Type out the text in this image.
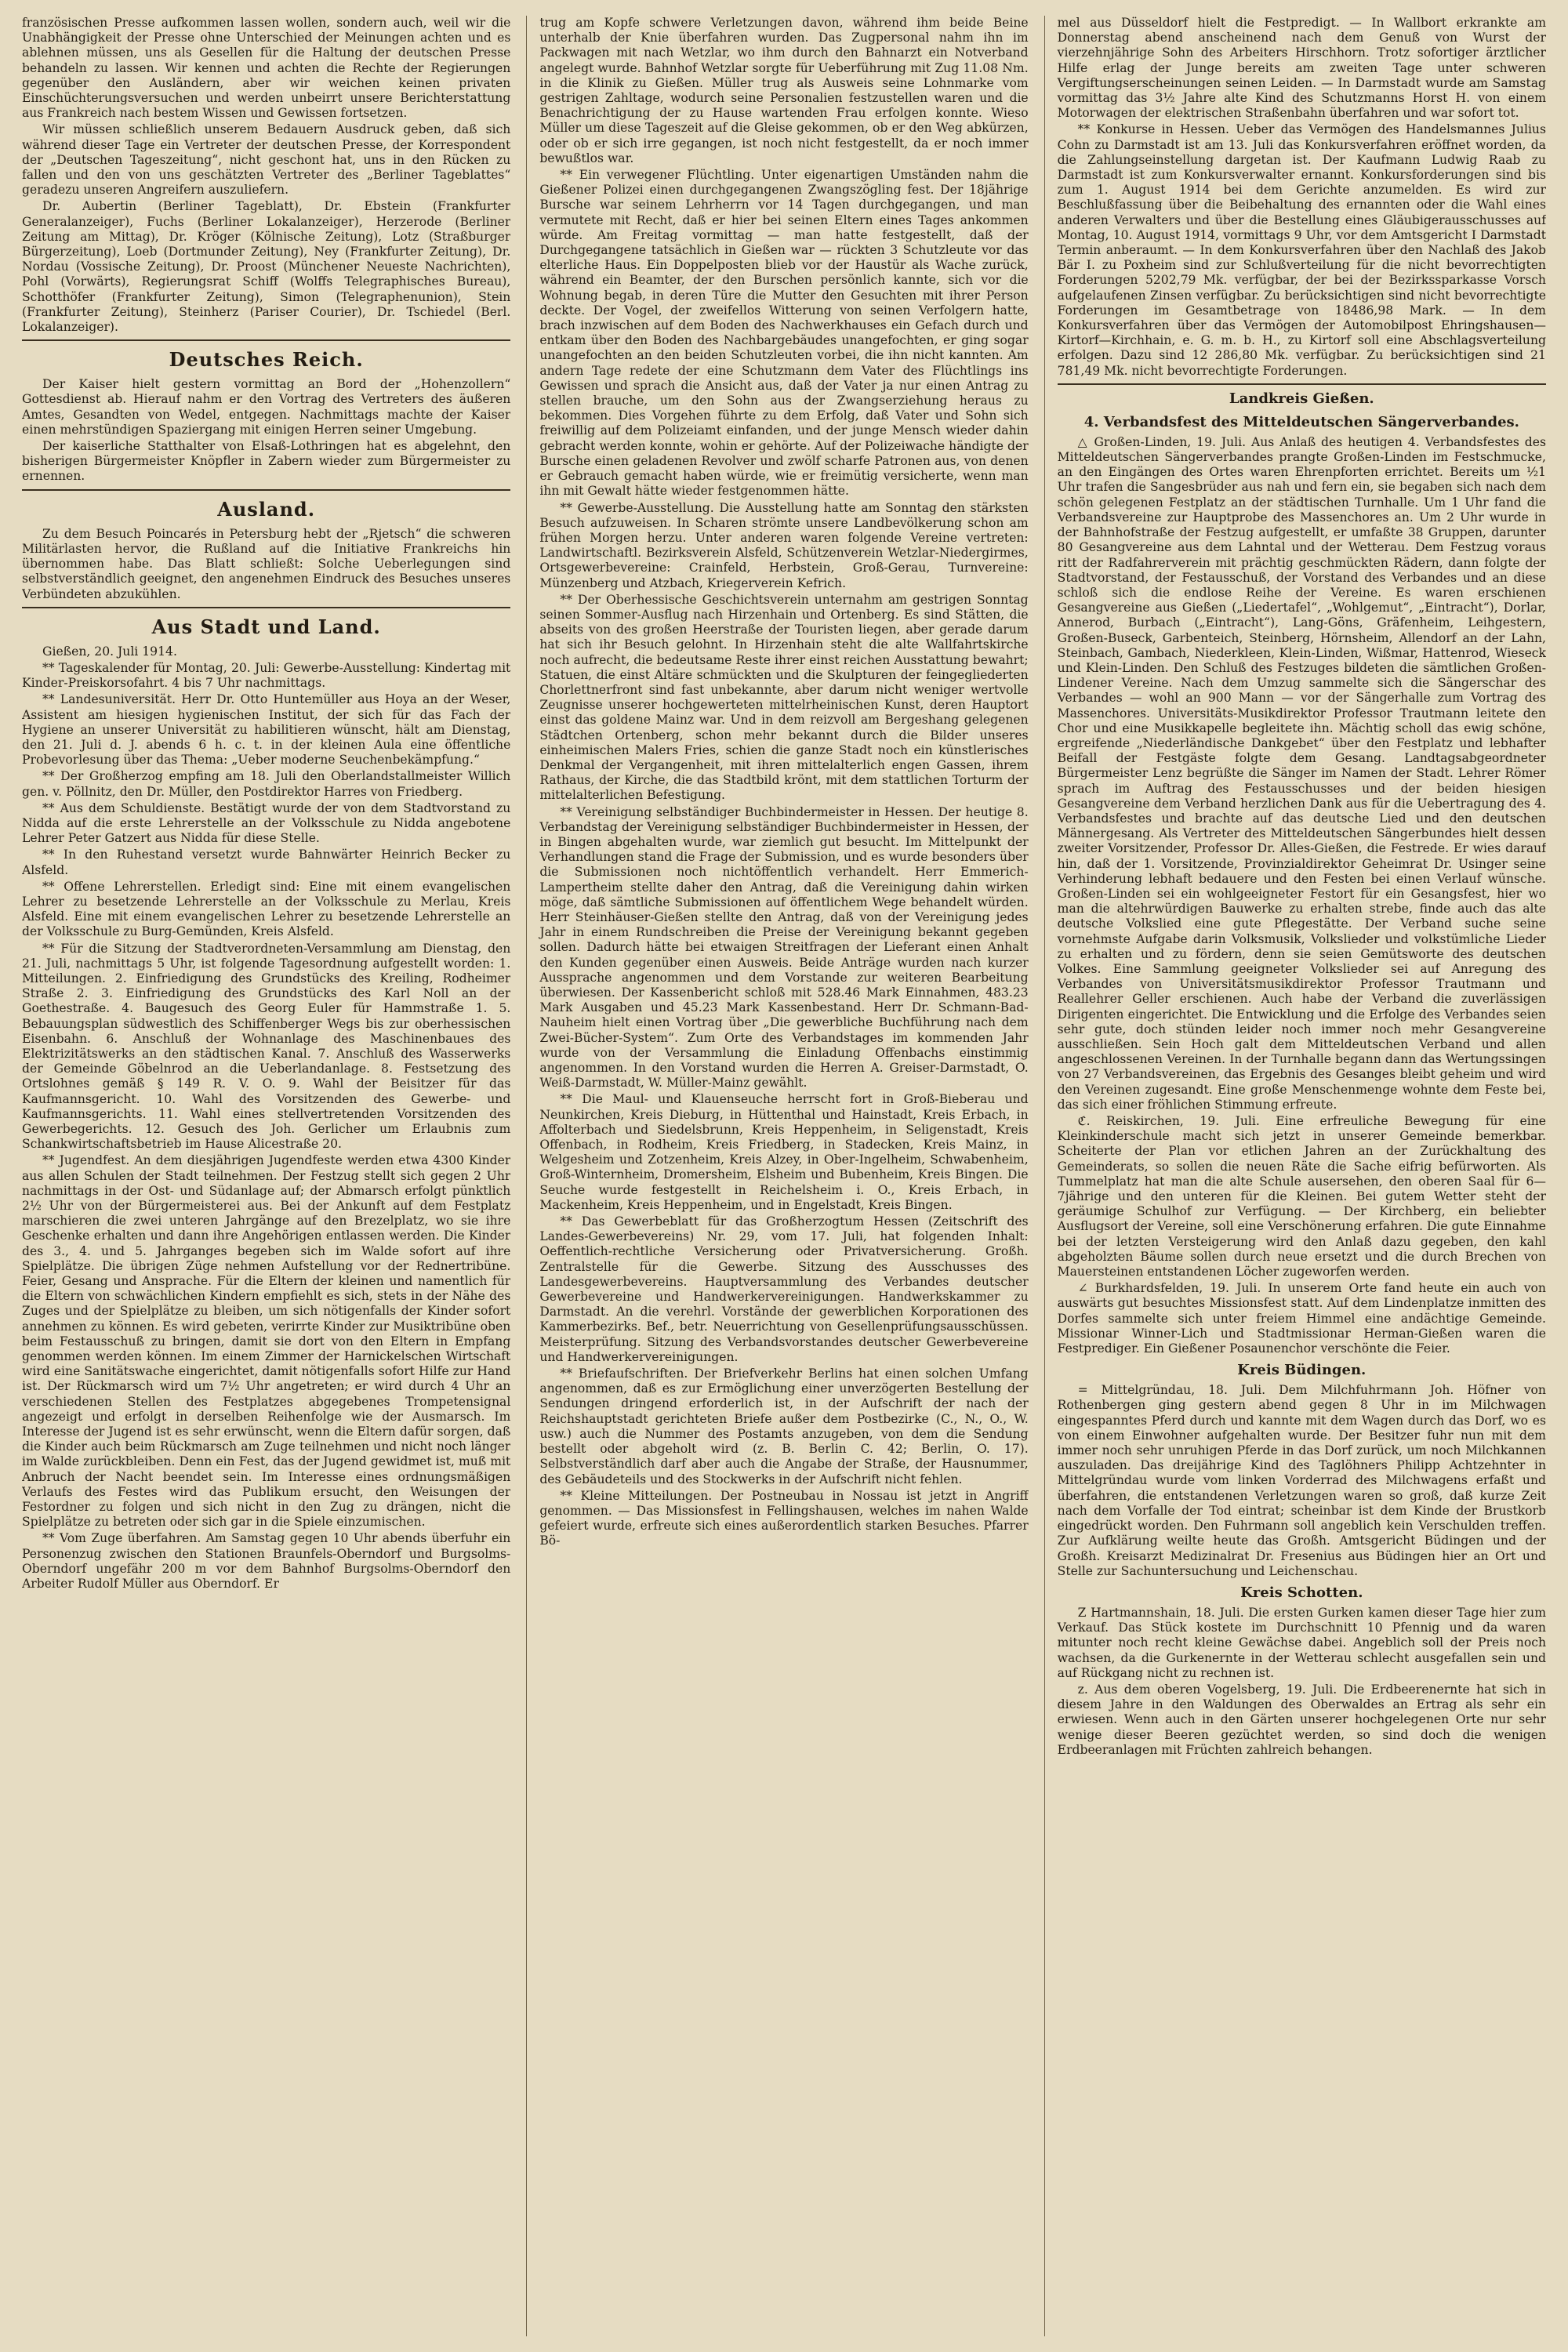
französischen Presse aufkommen lassen wollen, sondern auch, weil wir die Unabhängigkeit der Presse ohne Unterschied der Meinungen achten und es ablehnen müssen, uns als Gesellen für die Haltung der deutschen Presse behandeln zu lassen. Wir kennen und achten die Rechte der Regierungen gegenüber den Ausländern, aber wir weichen keinen privaten Einschüchterungsversuchen und werden unbeirrt unsere Berichterstattung aus Frankreich nach bestem Wissen und Gewissen fortsetzen.

Wir müssen schließlich unserem Bedauern Ausdruck geben, daß sich während dieser Tage ein Vertreter der deutschen Presse, der Korrespondent der „Deutschen Tageszeitung“, nicht geschont hat, uns in den Rücken zu fallen und den von uns geschätzten Vertreter des „Berliner Tageblattes“ geradezu unseren Angreifern auszuliefern.

Dr. Aubertin (Berliner Tageblatt), Dr. Ebstein (Frankfurter Generalanzeiger), Fuchs (Berliner Lokalanzeiger), Herzerode (Berliner Zeitung am Mittag), Dr. Kröger (Kölnische Zeitung), Lotz (Straßburger Bürgerzeitung), Loeb (Dortmunder Zeitung), Ney (Frankfurter Zeitung), Dr. Nordau (Vossische Zeitung), Dr. Proost (Münchener Neueste Nachrichten), Pohl (Vorwärts), Regierungsrat Schiff (Wolffs Telegraphisches Bureau), Schotthöfer (Frankfurter Zeitung), Simon (Telegraphenunion), Stein (Frankfurter Zeitung), Steinherz (Pariser Courier), Dr. Tschiedel (Berl. Lokalanzeiger).

Deutsches Reich.

Der Kaiser hielt gestern vormittag an Bord der „Hohenzollern“ Gottesdienst ab. Hierauf nahm er den Vortrag des Vertreters des äußeren Amtes, Gesandten von Wedel, entgegen. Nachmittags machte der Kaiser einen mehrstündigen Spaziergang mit einigen Herren seiner Umgebung.

Der kaiserliche Statthalter von Elsaß-Lothringen hat es abgelehnt, den bisherigen Bürgermeister Knöpfler in Zabern wieder zum Bürgermeister zu ernennen.

Ausland.

Zu dem Besuch Poincarés in Petersburg hebt der „Rjetsch“ die schweren Militärlasten hervor, die Rußland auf die Initiative Frankreichs hin übernommen habe. Das Blatt schließt: Solche Ueberlegungen sind selbstverständlich geeignet, den angenehmen Eindruck des Besuches unseres Verbündeten abzukühlen.

Aus Stadt und Land.

Gießen, 20. Juli 1914.

** Tageskalender für Montag, 20. Juli: Gewerbe-Ausstellung: Kindertag mit Kinder-Preiskorsofahrt. 4 bis 7 Uhr nachmittags.

** Landesuniversität. Herr Dr. Otto Huntemüller aus Hoya an der Weser, Assistent am hiesigen hygienischen Institut, der sich für das Fach der Hygiene an unserer Universität zu habilitieren wünscht, hält am Dienstag, den 21. Juli d. J. abends 6 h. c. t. in der kleinen Aula eine öffentliche Probevorlesung über das Thema: „Ueber moderne Seuchenbekämpfung.“

** Der Großherzog empfing am 18. Juli den Oberlandstallmeister Willich gen. v. Pöllnitz, den Dr. Müller, den Postdirektor Harres von Friedberg.

** Aus dem Schuldienste. Bestätigt wurde der von dem Stadtvorstand zu Nidda auf die erste Lehrerstelle an der Volksschule zu Nidda angebotene Lehrer Peter Gatzert aus Nidda für diese Stelle.

** In den Ruhestand versetzt wurde Bahnwärter Heinrich Becker zu Alsfeld.

** Offene Lehrerstellen. Erledigt sind: Eine mit einem evangelischen Lehrer zu besetzende Lehrerstelle an der Volksschule zu Merlau, Kreis Alsfeld. Eine mit einem evangelischen Lehrer zu besetzende Lehrerstelle an der Volksschule zu Burg-Gemünden, Kreis Alsfeld.

** Für die Sitzung der Stadtverordneten-Versammlung am Dienstag, den 21. Juli, nachmittags 5 Uhr, ist folgende Tagesordnung aufgestellt worden: 1. Mitteilungen. 2. Einfriedigung des Grundstücks des Kreiling, Rodheimer Straße 2. 3. Einfriedigung des Grundstücks des Karl Noll an der Goethestraße. 4. Baugesuch des Georg Euler für Hammstraße 1. 5. Bebauungsplan südwestlich des Schiffenberger Wegs bis zur oberhessischen Eisenbahn. 6. Anschluß der Wohnanlage des Maschinenbaues des Elektrizitätswerks an den städtischen Kanal. 7. Anschluß des Wasserwerks der Gemeinde Göbelnrod an die Ueberlandanlage. 8. Festsetzung des Ortslohnes gemäß § 149 R. V. O. 9. Wahl der Beisitzer für das Kaufmannsgericht. 10. Wahl des Vorsitzenden des Gewerbe- und Kaufmannsgerichts. 11. Wahl eines stellvertretenden Vorsitzenden des Gewerbegerichts. 12. Gesuch des Joh. Gerlicher um Erlaubnis zum Schankwirtschaftsbetrieb im Hause Alicestraße 20.

** Jugendfest. An dem diesjährigen Jugendfeste werden etwa 4300 Kinder aus allen Schulen der Stadt teilnehmen. Der Festzug stellt sich gegen 2 Uhr nachmittags in der Ost- und Südanlage auf; der Abmarsch erfolgt pünktlich 2½ Uhr von der Bürgermeisterei aus. Bei der Ankunft auf dem Festplatz marschieren die zwei unteren Jahrgänge auf den Brezelplatz, wo sie ihre Geschenke erhalten und dann ihre Angehörigen entlassen werden. Die Kinder des 3., 4. und 5. Jahrganges begeben sich im Walde sofort auf ihre Spielplätze. Die übrigen Züge nehmen Aufstellung vor der Rednertribüne. Feier, Gesang und Ansprache. Für die Eltern der kleinen und namentlich für die Eltern von schwächlichen Kindern empfiehlt es sich, stets in der Nähe des Zuges und der Spielplätze zu bleiben, um sich nötigenfalls der Kinder sofort annehmen zu können. Es wird gebeten, verirrte Kinder zur Musiktribüne oben beim Festausschuß zu bringen, damit sie dort von den Eltern in Empfang genommen werden können. Im einem Zimmer der Harnickelschen Wirtschaft wird eine Sanitätswache eingerichtet, damit nötigenfalls sofort Hilfe zur Hand ist. Der Rückmarsch wird um 7½ Uhr angetreten; er wird durch 4 Uhr an verschiedenen Stellen des Festplatzes abgegebenes Trompetensignal angezeigt und erfolgt in derselben Reihenfolge wie der Ausmarsch. Im Interesse der Jugend ist es sehr erwünscht, wenn die Eltern dafür sorgen, daß die Kinder auch beim Rückmarsch am Zuge teilnehmen und nicht noch länger im Walde zurückbleiben. Denn ein Fest, das der Jugend gewidmet ist, muß mit Anbruch der Nacht beendet sein. Im Interesse eines ordnungsmäßigen Verlaufs des Festes wird das Publikum ersucht, den Weisungen der Festordner zu folgen und sich nicht in den Zug zu drängen, nicht die Spielplätze zu betreten oder sich gar in die Spiele einzumischen.

** Vom Zuge überfahren. Am Samstag gegen 10 Uhr abends überfuhr ein Personenzug zwischen den Stationen Braunfels-Oberndorf und Burgsolms-Oberndorf ungefähr 200 m vor dem Bahnhof Burgsolms-Oberndorf den Arbeiter Rudolf Müller aus Oberndorf. Er

trug am Kopfe schwere Verletzungen davon, während ihm beide Beine unterhalb der Knie überfahren wurden. Das Zugpersonal nahm ihn im Packwagen mit nach Wetzlar, wo ihm durch den Bahnarzt ein Notverband angelegt wurde. Bahnhof Wetzlar sorgte für Ueberführung mit Zug 11.08 Nm. in die Klinik zu Gießen. Müller trug als Ausweis seine Lohnmarke vom gestrigen Zahltage, wodurch seine Personalien festzustellen waren und die Benachrichtigung der zu Hause wartenden Frau erfolgen konnte. Wieso Müller um diese Tageszeit auf die Gleise gekommen, ob er den Weg abkürzen, oder ob er sich irre gegangen, ist noch nicht festgestellt, da er noch immer bewußtlos war.

** Ein verwegener Flüchtling. Unter eigenartigen Umständen nahm die Gießener Polizei einen durchgegangenen Zwangszögling fest. Der 18jährige Bursche war seinem Lehrherrn vor 14 Tagen durchgegangen, und man vermutete mit Recht, daß er hier bei seinen Eltern eines Tages ankommen würde. Am Freitag vormittag — man hatte festgestellt, daß der Durchgegangene tatsächlich in Gießen war — rückten 3 Schutzleute vor das elterliche Haus. Ein Doppelposten blieb vor der Haustür als Wache zurück, während ein Beamter, der den Burschen persönlich kannte, sich vor die Wohnung begab, in deren Türe die Mutter den Gesuchten mit ihrer Person deckte. Der Vogel, der zweifellos Witterung von seinen Verfolgern hatte, brach inzwischen auf dem Boden des Nachwerkhauses ein Gefach durch und entkam über den Boden des Nachbargebäudes unangefochten, er ging sogar unangefochten an den beiden Schutzleuten vorbei, die ihn nicht kannten. Am andern Tage redete der eine Schutzmann dem Vater des Flüchtlings ins Gewissen und sprach die Ansicht aus, daß der Vater ja nur einen Antrag zu stellen brauche, um den Sohn aus der Zwangserziehung heraus zu bekommen. Dies Vorgehen führte zu dem Erfolg, daß Vater und Sohn sich freiwillig auf dem Polizeiamt einfanden, und der junge Mensch wieder dahin gebracht werden konnte, wohin er gehörte. Auf der Polizeiwache händigte der Bursche einen geladenen Revolver und zwölf scharfe Patronen aus, von denen er Gebrauch gemacht haben würde, wie er freimütig versicherte, wenn man ihn mit Gewalt hätte wieder festgenommen hätte.

** Gewerbe-Ausstellung. Die Ausstellung hatte am Sonntag den stärksten Besuch aufzuweisen. In Scharen strömte unsere Landbevölkerung schon am frühen Morgen herzu. Unter anderen waren folgende Vereine vertreten: Landwirtschaftl. Bezirksverein Alsfeld, Schützenverein Wetzlar-Niedergirmes, Ortsgewerbevereine: Crainfeld, Herbstein, Groß-Gerau, Turnvereine: Münzenberg und Atzbach, Kriegerverein Kefrich.

** Der Oberhessische Geschichtsverein unternahm am gestrigen Sonntag seinen Sommer-Ausflug nach Hirzenhain und Ortenberg. Es sind Stätten, die abseits von des großen Heerstraße der Touristen liegen, aber gerade darum hat sich ihr Besuch gelohnt. In Hirzenhain steht die alte Wallfahrtskirche noch aufrecht, die bedeutsame Reste ihrer einst reichen Ausstattung bewahrt; Statuen, die einst Altäre schmückten und die Skulpturen der feingegliederten Chorlettnerfront sind fast unbekannte, aber darum nicht weniger wertvolle Zeugnisse unserer hochgewerteten mittelrheinischen Kunst, deren Hauptort einst das goldene Mainz war. Und in dem reizvoll am Bergeshang gelegenen Städtchen Ortenberg, schon mehr bekannt durch die Bilder unseres einheimischen Malers Fries, schien die ganze Stadt noch ein künstlerisches Denkmal der Vergangenheit, mit ihren mittelalterlich engen Gassen, ihrem Rathaus, der Kirche, die das Stadtbild krönt, mit dem stattlichen Torturm der mittelalterlichen Befestigung.

** Vereinigung selbständiger Buchbindermeister in Hessen. Der heutige 8. Verbandstag der Vereinigung selbständiger Buchbindermeister in Hessen, der in Bingen abgehalten wurde, war ziemlich gut besucht. Im Mittelpunkt der Verhandlungen stand die Frage der Submission, und es wurde besonders über die Submissionen noch nichtöffentlich verhandelt. Herr Emmerich-Lampertheim stellte daher den Antrag, daß die Vereinigung dahin wirken möge, daß sämtliche Submissionen auf öffentlichem Wege behandelt würden. Herr Steinhäuser-Gießen stellte den Antrag, daß von der Vereinigung jedes Jahr in einem Rundschreiben die Preise der Vereinigung bekannt gegeben sollen. Dadurch hätte bei etwaigen Streitfragen der Lieferant einen Anhalt den Kunden gegenüber einen Ausweis. Beide Anträge wurden nach kurzer Aussprache angenommen und dem Vorstande zur weiteren Bearbeitung überwiesen. Der Kassenbericht schloß mit 528.46 Mark Einnahmen, 483.23 Mark Ausgaben und 45.23 Mark Kassenbestand. Herr Dr. Schmann-Bad-Nauheim hielt einen Vortrag über „Die gewerbliche Buchführung nach dem Zwei-Bücher-System“. Zum Orte des Verbandstages im kommenden Jahr wurde von der Versammlung die Einladung Offenbachs einstimmig angenommen. In den Vorstand wurden die Herren A. Greiser-Darmstadt, O. Weiß-Darmstadt, W. Müller-Mainz gewählt.

** Die Maul- und Klauenseuche herrscht fort in Groß-Bieberau und Neunkirchen, Kreis Dieburg, in Hüttenthal und Hainstadt, Kreis Erbach, in Affolterbach und Siedelsbrunn, Kreis Heppenheim, in Seligenstadt, Kreis Offenbach, in Rodheim, Kreis Friedberg, in Stadecken, Kreis Mainz, in Welgesheim und Zotzenheim, Kreis Alzey, in Ober-Ingelheim, Schwabenheim, Groß-Winternheim, Dromersheim, Elsheim und Bubenheim, Kreis Bingen. Die Seuche wurde festgestellt in Reichelsheim i. O., Kreis Erbach, in Mackenheim, Kreis Heppenheim, und in Engelstadt, Kreis Bingen.

** Das Gewerbeblatt für das Großherzogtum Hessen (Zeitschrift des Landes-Gewerbevereins) Nr. 29, vom 17. Juli, hat folgenden Inhalt: Oeffentlich-rechtliche Versicherung oder Privatversicherung. Großh. Zentralstelle für die Gewerbe. Sitzung des Ausschusses des Landesgewerbevereins. Hauptversammlung des Verbandes deutscher Gewerbevereine und Handwerkervereinigungen. Handwerkskammer zu Darmstadt. An die verehrl. Vorstände der gewerblichen Korporationen des Kammerbezirks. Bef., betr. Neuerrichtung von Gesellenprüfungsausschüssen. Meisterprüfung. Sitzung des Verbandsvorstandes deutscher Gewerbevereine und Handwerkervereinigungen.

** Briefaufschriften. Der Briefverkehr Berlins hat einen solchen Umfang angenommen, daß es zur Ermöglichung einer unverzögerten Bestellung der Sendungen dringend erforderlich ist, in der Aufschrift der nach der Reichshauptstadt gerichteten Briefe außer dem Postbezirke (C., N., O., W. usw.) auch die Nummer des Postamts anzugeben, von dem die Sendung bestellt oder abgeholt wird (z. B. Berlin C. 42; Berlin, O. 17). Selbstverständlich darf aber auch die Angabe der Straße, der Hausnummer, des Gebäudeteils und des Stockwerks in der Aufschrift nicht fehlen.

** Kleine Mitteilungen. Der Postneubau in Nossau ist jetzt in Angriff genommen. — Das Missionsfest in Fellingshausen, welches im nahen Walde gefeiert wurde, erfreute sich eines außerordentlich starken Besuches. Pfarrer Bö-

mel aus Düsseldorf hielt die Festpredigt. — In Wallbort erkrankte am Donnerstag abend anscheinend nach dem Genuß von Wurst der vierzehnjährige Sohn des Arbeiters Hirschhorn. Trotz sofortiger ärztlicher Hilfe erlag der Junge bereits am zweiten Tage unter schweren Vergiftungserscheinungen seinen Leiden. — In Darmstadt wurde am Samstag vormittag das 3½ Jahre alte Kind des Schutzmanns Horst H. von einem Motorwagen der elektrischen Straßenbahn überfahren und war sofort tot.

** Konkurse in Hessen. Ueber das Vermögen des Handelsmannes Julius Cohn zu Darmstadt ist am 13. Juli das Konkursverfahren eröffnet worden, da die Zahlungseinstellung dargetan ist. Der Kaufmann Ludwig Raab zu Darmstadt ist zum Konkursverwalter ernannt. Konkursforderungen sind bis zum 1. August 1914 bei dem Gerichte anzumelden. Es wird zur Beschlußfassung über die Beibehaltung des ernannten oder die Wahl eines anderen Verwalters und über die Bestellung eines Gläubigerausschusses auf Montag, 10. August 1914, vormittags 9 Uhr, vor dem Amtsgericht I Darmstadt Termin anberaumt. — In dem Konkursverfahren über den Nachlaß des Jakob Bär I. zu Poxheim sind zur Schlußverteilung für die nicht bevorrechtigten Forderungen 5202,79 Mk. verfügbar, der bei der Bezirkssparkasse Vorsch aufgelaufenen Zinsen verfügbar. Zu berücksichtigen sind nicht bevorrechtigte Forderungen im Gesamtbetrage von 18486,98 Mark. — In dem Konkursverfahren über das Vermögen der Automobilpost Ehringshausen—Kirtorf—Kirchhain, e. G. m. b. H., zu Kirtorf soll eine Abschlagsverteilung erfolgen. Dazu sind 12 286,80 Mk. verfügbar. Zu berücksichtigen sind 21 781,49 Mk. nicht bevorrechtigte Forderungen.

Landkreis Gießen.
4. Verbandsfest des Mitteldeutschen Sängerverbandes.

△ Großen-Linden, 19. Juli. Aus Anlaß des heutigen 4. Verbandsfestes des Mitteldeutschen Sängerverbandes prangte Großen-Linden im Festschmucke, an den Eingängen des Ortes waren Ehrenpforten errichtet. Bereits um ½1 Uhr trafen die Sangesbrüder aus nah und fern ein, sie begaben sich nach dem schön gelegenen Festplatz an der städtischen Turnhalle. Um 1 Uhr fand die Verbandsvereine zur Hauptprobe des Massenchores an. Um 2 Uhr wurde in der Bahnhofstraße der Festzug aufgestellt, er umfaßte 38 Gruppen, darunter 80 Gesangvereine aus dem Lahntal und der Wetterau. Dem Festzug voraus ritt der Radfahrerverein mit prächtig geschmückten Rädern, dann folgte der Stadtvorstand, der Festausschuß, der Vorstand des Verbandes und an diese schloß sich die endlose Reihe der Vereine. Es waren erschienen Gesangvereine aus Gießen („Liedertafel“, „Wohlgemut“, „Eintracht“), Dorlar, Annerod, Burbach („Eintracht“), Lang-Göns, Gräfenheim, Leihgestern, Großen-Buseck, Garbenteich, Steinberg, Hörnsheim, Allendorf an der Lahn, Steinbach, Gambach, Niederkleen, Klein-Linden, Wißmar, Hattenrod, Wieseck und Klein-Linden. Den Schluß des Festzuges bildeten die sämtlichen Großen-Lindener Vereine. Nach dem Umzug sammelte sich die Sängerschar des Verbandes — wohl an 900 Mann — vor der Sängerhalle zum Vortrag des Massenchores. Universitäts-Musikdirektor Professor Trautmann leitete den Chor und eine Musikkapelle begleitete ihn. Mächtig scholl das ewig schöne, ergreifende „Niederländische Dankgebet“ über den Festplatz und lebhafter Beifall der Festgäste folgte dem Gesang. Landtagsabgeordneter Bürgermeister Lenz begrüßte die Sänger im Namen der Stadt. Lehrer Römer sprach im Auftrag des Festausschusses und der beiden hiesigen Gesangvereine dem Verband herzlichen Dank aus für die Uebertragung des 4. Verbandsfestes und brachte auf das deutsche Lied und den deutschen Männergesang. Als Vertreter des Mitteldeutschen Sängerbundes hielt dessen zweiter Vorsitzender, Professor Dr. Alles-Gießen, die Festrede. Er wies darauf hin, daß der 1. Vorsitzende, Provinzialdirektor Geheimrat Dr. Usinger seine Verhinderung lebhaft bedauere und den Festen bei einen Verlauf wünsche. Großen-Linden sei ein wohlgeeigneter Festort für ein Gesangsfest, hier wo man die altehrwürdigen Bauwerke zu erhalten strebe, finde auch das alte deutsche Volkslied eine gute Pflegestätte. Der Verband suche seine vornehmste Aufgabe darin Volksmusik, Volkslieder und volkstümliche Lieder zu erhalten und zu fördern, denn sie seien Gemütsworte des deutschen Volkes. Eine Sammlung geeigneter Volkslieder sei auf Anregung des Verbandes von Universitätsmusikdirektor Professor Trautmann und Reallehrer Geller erschienen. Auch habe der Verband die zuverlässigen Dirigenten eingerichtet. Die Entwicklung und die Erfolge des Verbandes seien sehr gute, doch stünden leider noch immer noch mehr Gesangvereine ausschließen. Sein Hoch galt dem Mitteldeutschen Verband und allen angeschlossenen Vereinen. In der Turnhalle begann dann das Wertungssingen von 27 Verbandsvereinen, das Ergebnis des Gesanges bleibt geheim und wird den Vereinen zugesandt. Eine große Menschenmenge wohnte dem Feste bei, das sich einer fröhlichen Stimmung erfreute.

ℭ. Reiskirchen, 19. Juli. Eine erfreuliche Bewegung für eine Kleinkinderschule macht sich jetzt in unserer Gemeinde bemerkbar. Scheiterte der Plan vor etlichen Jahren an der Zurückhaltung des Gemeinderats, so sollen die neuen Räte die Sache eifrig befürworten. Als Tummelplatz hat man die alte Schule ausersehen, den oberen Saal für 6—7jährige und den unteren für die Kleinen. Bei gutem Wetter steht der geräumige Schulhof zur Verfügung. — Der Kirchberg, ein beliebter Ausflugsort der Vereine, soll eine Verschönerung erfahren. Die gute Einnahme bei der letzten Versteigerung wird den Anlaß dazu gegeben, den kahl abgeholzten Bäume sollen durch neue ersetzt und die durch Brechen von Mauersteinen entstandenen Löcher zugeworfen werden.

∠ Burkhardsfelden, 19. Juli. In unserem Orte fand heute ein auch von auswärts gut besuchtes Missionsfest statt. Auf dem Lindenplatze inmitten des Dorfes sammelte sich unter freiem Himmel eine andächtige Gemeinde. Missionar Winner-Lich und Stadtmissionar Herman-Gießen waren die Festprediger. Ein Gießener Posaunenchor verschönte die Feier.

Kreis Büdingen.

= Mittelgründau, 18. Juli. Dem Milchfuhrmann Joh. Höfner von Rothenbergen ging gestern abend gegen 8 Uhr in im Milchwagen eingespanntes Pferd durch und kannte mit dem Wagen durch das Dorf, wo es von einem Einwohner aufgehalten wurde. Der Besitzer fuhr nun mit dem immer noch sehr unruhigen Pferde in das Dorf zurück, um noch Milchkannen auszuladen. Das dreijährige Kind des Taglöhners Philipp Achtzehnter in Mittelgründau wurde vom linken Vorderrad des Milchwagens erfaßt und überfahren, die entstandenen Verletzungen waren so groß, daß kurze Zeit nach dem Vorfalle der Tod eintrat; scheinbar ist dem Kinde der Brustkorb eingedrückt worden. Den Fuhrmann soll angeblich kein Verschulden treffen. Zur Aufklärung weilte heute das Großh. Amtsgericht Büdingen und der Großh. Kreisarzt Medizinalrat Dr. Fresenius aus Büdingen hier an Ort und Stelle zur Sachuntersuchung und Leichenschau.

Kreis Schotten.

Z Hartmannshain, 18. Juli. Die ersten Gurken kamen dieser Tage hier zum Verkauf. Das Stück kostete im Durchschnitt 10 Pfennig und da waren mitunter noch recht kleine Gewächse dabei. Angeblich soll der Preis noch wachsen, da die Gurkenernte in der Wetterau schlecht ausgefallen sein und auf Rückgang nicht zu rechnen ist.

z. Aus dem oberen Vogelsberg, 19. Juli. Die Erdbeerenernte hat sich in diesem Jahre in den Waldungen des Oberwaldes an Ertrag als sehr ein erwiesen. Wenn auch in den Gärten unserer hochgelegenen Orte nur sehr wenige dieser Beeren gezüchtet werden, so sind doch die wenigen Erdbeeranlagen mit Früchten zahlreich behangen.
